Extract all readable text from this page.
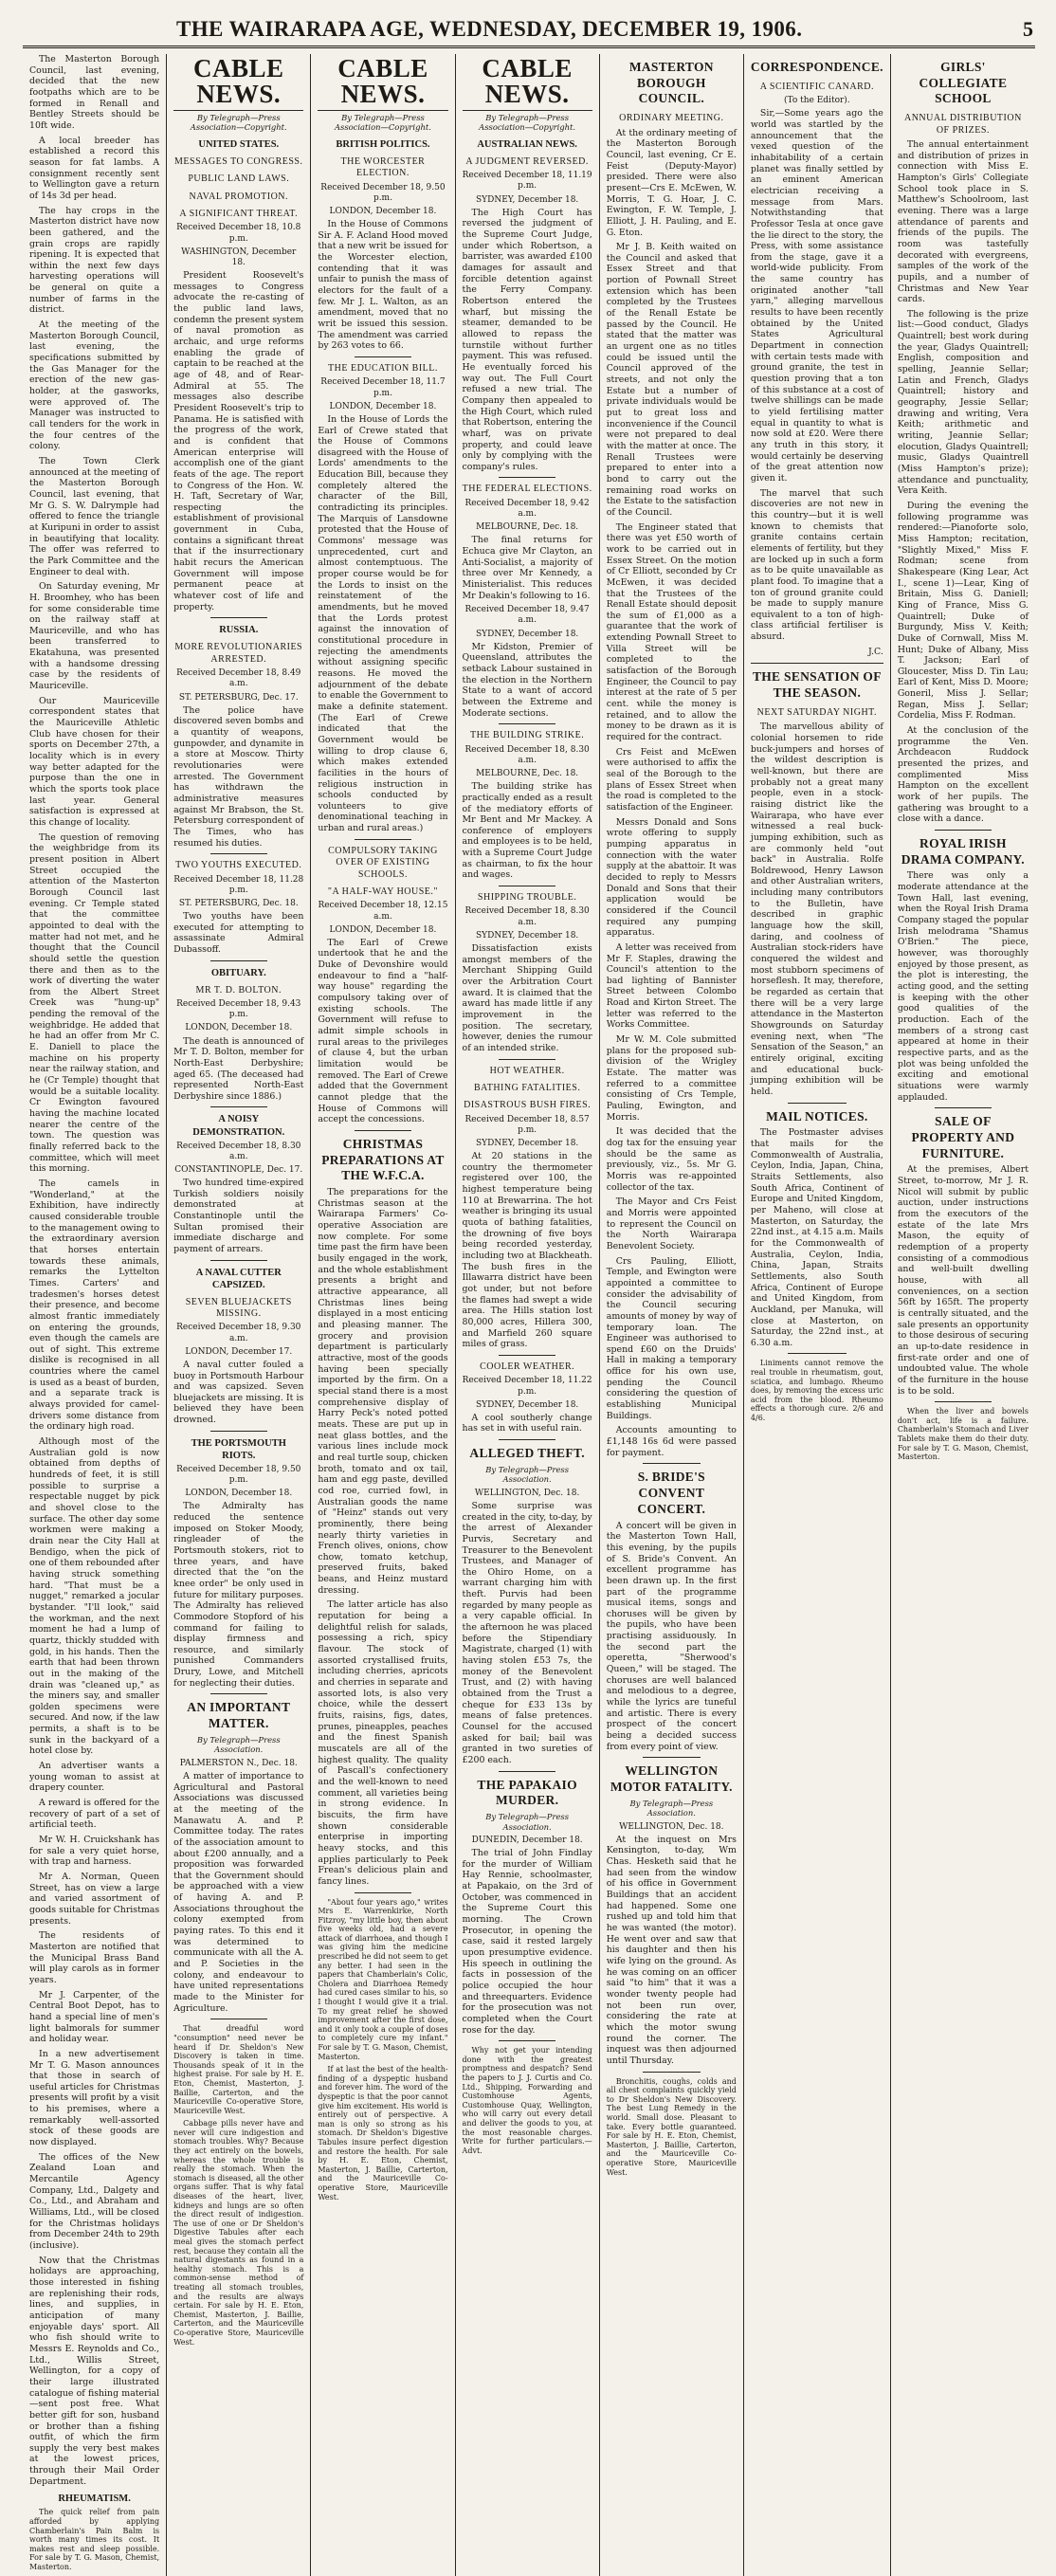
THE WAIRARAPA AGE, WEDNESDAY, DECEMBER 19, 1906.	5

The Masterton Borough Council, last evening, decided that the new footpaths which are to be formed in Renall and Bentley Streets should be 10ft wide.

A local breeder has established a record this season for fat lambs. A consignment recently sent to Wellington gave a return of 14s 3d per head.

The hay crops in the Masterton district have now been gathered, and the grain crops are rapidly ripening. It is expected that within the next few days harvesting operations will be general on quite a number of farms in the district.

At the meeting of the Masterton Borough Council, last evening, the specifications submitted by the Gas Manager for the erection of the new gas-holder, at the gasworks, were approved of. The Manager was instructed to call tenders for the work in the four centres of the colony.

The Town Clerk announced at the meeting of the Masterton Borough Council, last evening, that Mr G. S. W. Dalrymple had offered to fence the triangle at Kuripuni in order to assist in beautifying that locality. The offer was referred to the Park Committee and the Engineer to deal with.

On Saturday evening, Mr H. Broomhey, who has been for some considerable time on the railway staff at Mauriceville, and who has been transferred to Ekatahuna, was presented with a handsome dressing case by the residents of Mauriceville.

Our Mauriceville correspondent states that the Mauriceville Athletic Club have chosen for their sports on December 27th, a locality which is in every way better adapted for the purpose than the one in which the sports took place last year. General satisfaction is expressed at this change of locality.

The question of removing the weighbridge from its present position in Albert Street occupied the attention of the Masterton Borough Council last evening. Cr Temple stated that the committee appointed to deal with the matter had not met, and he thought that the Council should settle the question there and then as to the work of diverting the water from the Albert Street Creek was "hung-up" pending the removal of the weighbridge. He added that he had an offer from Mr C. E. Daniell to place the machine on his property near the railway station, and he (Cr Temple) thought that would be a suitable locality. Cr Ewington favoured having the machine located nearer the centre of the town. The question was finally referred back to the committee, which will meet this morning.

The camels in "Wonderland," at the Exhibition, have indirectly caused considerable trouble to the management owing to the extraordinary aversion that horses entertain towards these animals, remarks the Lyttelton Times. Carters' and tradesmen's horses detest their presence, and become almost frantic immediately on entering the grounds, even though the camels are out of sight. This extreme dislike is recognised in all countries where the camel is used as a beast of burden, and a separate track is always provided for camel-drivers some distance from the ordinary high road.

Although most of the Australian gold is now obtained from depths of hundreds of feet, it is still possible to surprise a respectable nugget by pick and shovel close to the surface. The other day some workmen were making a drain near the City Hall at Bendigo, when the pick of one of them rebounded after having struck something hard. "That must be a nugget," remarked a jocular bystander. "I'll look," said the workman, and the next moment he had a lump of quartz, thickly studded with gold, in his hands. Then the earth that had been thrown out in the making of the drain was "cleaned up," as the miners say, and smaller golden specimens were secured. And now, if the law permits, a shaft is to be sunk in the backyard of a hotel close by.

An advertiser wants a young woman to assist at drapery counter.

A reward is offered for the recovery of part of a set of artificial teeth.

Mr W. H. Cruickshank has for sale a very quiet horse, with trap and harness.

Mr A. Norman, Queen Street, has on view a large and varied assortment of goods suitable for Christmas presents.

The residents of Masterton are notified that the Municipal Brass Band will play carols as in former years.

Mr J. Carpenter, of the Central Boot Depot, has to hand a special line of men's light balmorals for summer and holiday wear.

In a new advertisement Mr T. G. Mason announces that those in search of useful articles for Christmas presents will profit by a visit to his premises, where a remarkably well-assorted stock of these goods are now displayed.

The offices of the New Zealand Loan and Mercantile Agency Company, Ltd., Dalgety and Co., Ltd., and Abraham and Williams, Ltd., will be closed for the Christmas holidays from December 24th to 29th (inclusive).

Now that the Christmas holidays are approaching, those interested in fishing are replenishing their rods, lines, and supplies, in anticipation of many enjoyable days' sport. All who fish should write to Messrs E. Reynolds and Co., Ltd., Willis Street, Wellington, for a copy of their large illustrated catalogue of fishing material—sent post free. What better gift for son, husband or brother than a fishing outfit, of which the firm supply the very best makes at the lowest prices, through their Mail Order Department.

RHEUMATISM.

The quick relief from pain afforded by applying Chamberlain's Pain Balm is worth many times its cost. It makes rest and sleep possible. For sale by T. G. Mason, Chemist, Masterton.

CABLE NEWS.
By Telegraph—Press Association—Copyright.
UNITED STATES.
MESSAGES TO CONGRESS.
PUBLIC LAND LAWS.
NAVAL PROMOTION.
A SIGNIFICANT THREAT.
Received December 18, 10.8 p.m.
WASHINGTON, December 18.

President Roosevelt's messages to Congress advocate the re-casting of the public land laws, condemn the present system of naval promotion as archaic, and urge reforms enabling the grade of captain to be reached at the age of 48, and of Rear-Admiral at 55. The messages also describe President Roosevelt's trip to Panama. He is satisfied with the progress of the work, and is confident that American enterprise will accomplish one of the giant feats of the age. The report to Congress of the Hon. W. H. Taft, Secretary of War, respecting the establishment of provisional government in Cuba, contains a significant threat that if the insurrectionary habit recurs the American Government will impose permanent peace at whatever cost of life and property.

RUSSIA.
MORE REVOLUTIONARIES ARRESTED.
Received December 18, 8.49 a.m.
ST. PETERSBURG, Dec. 17.

The police have discovered seven bombs and a quantity of weapons, gunpowder, and dynamite in a store at Moscow. Thirty revolutionaries were arrested. The Government has withdrawn the administrative measures against Mr Brabson, the St. Petersburg correspondent of The Times, who has resumed his duties.

TWO YOUTHS EXECUTED.
Received December 18, 11.28 p.m.
ST. PETERSBURG, Dec. 18.

Two youths have been executed for attempting to assassinate Admiral Dubassoff.

OBITUARY.
MR T. D. BOLTON.
Received December 18, 9.43 p.m.
LONDON, December 18.

The death is announced of Mr T. D. Bolton, member for North-East Derbyshire; aged 65. (The deceased had represented North-East Derbyshire since 1886.)

A NOISY DEMONSTRATION.
Received December 18, 8.30 a.m.
CONSTANTINOPLE, Dec. 17.

Two hundred time-expired Turkish soldiers noisily demonstrated at Constantinople until the Sultan promised their immediate discharge and payment of arrears.

A NAVAL CUTTER CAPSIZED.
SEVEN BLUEJACKETS MISSING.
Received December 18, 9.30 a.m.
LONDON, December 17.

A naval cutter fouled a buoy in Portsmouth Harbour and was capsized. Seven bluejackets are missing. It is believed they have been drowned.

THE PORTSMOUTH RIOTS.
Received December 18, 9.50 p.m.
LONDON, December 18.

The Admiralty has reduced the sentence imposed on Stoker Moody, ringleader of the Portsmouth stokers, riot to three years, and have directed that the "on the knee order" be only used in future for military purposes. The Admiralty has relieved Commodore Stopford of his command for failing to display firmness and resource, and similarly punished Commanders Drury, Lowe, and Mitchell for neglecting their duties.

AN IMPORTANT MATTER.
By Telegraph—Press Association.
PALMERSTON N., Dec. 18.

A matter of importance to Agricultural and Pastoral Associations was discussed at the meeting of the Manawatu A. and P. Committee today. The rates of the association amount to about £200 annually, and a proposition was forwarded that the Government should be approached with a view of having A. and P. Associations throughout the colony exempted from paying rates. To this end it was determined to communicate with all the A. and P. Societies in the colony, and endeavour to have united representations made to the Minister for Agriculture.

That dreadful word "consumption" need never be heard if Dr. Sheldon's New Discovery is taken in time. Thousands speak of it in the highest praise. For sale by H. E. Eton, Chemist, Masterton, J. Baillie, Carterton, and the Mauriceville Co-operative Store, Mauriceville West.

Cabbage pills never have and never will cure indigestion and stomach troubles. Why? Because they act entirely on the bowels, whereas the whole trouble is really the stomach. When the stomach is diseased, all the other organs suffer. That is why fatal diseases of the heart, liver, kidneys and lungs are so often the direct result of indigestion. The use of one or Dr Sheldon's Digestive Tabules after each meal gives the stomach perfect rest, because they contain all the natural digestants as found in a healthy stomach. This is a common-sense method of treating all stomach troubles, and the results are always certain. For sale by H. E. Eton, Chemist, Masterton, J. Baillie, Carterton, and the Mauriceville Co-operative Store, Mauriceville West.

CABLE NEWS.
By Telegraph—Press Association—Copyright.
BRITISH POLITICS.
THE WORCESTER ELECTION.
Received December 18, 9.50 p.m.
LONDON, December 18.

In the House of Commons Sir A. F. Acland Hood moved that a new writ be issued for the Worcester election, contending that it was unfair to punish the mass of electors for the fault of a few. Mr J. L. Walton, as an amendment, moved that no writ be issued this session. The amendment was carried by 263 votes to 66.

THE EDUCATION BILL.
Received December 18, 11.7 p.m.
LONDON, December 18.

In the House of Lords the Earl of Crewe stated that the House of Commons disagreed with the House of Lords' amendments to the Education Bill, because they completely altered the character of the Bill, contradicting its principles. The Marquis of Lansdowne protested that the House of Commons' message was unprecedented, curt and almost contemptuous. The proper course would be for the Lords to insist on the reinstatement of the amendments, but he moved that the Lords protest against the innovation of constitutional procedure in rejecting the amendments without assigning specific reasons. He moved the adjournment of the debate to enable the Government to make a definite statement. (The Earl of Crewe indicated that the Government would be willing to drop clause 6, which makes extended facilities in the hours of religious instruction in schools conducted by volunteers to give denominational teaching in urban and rural areas.)

COMPULSORY TAKING OVER OF EXISTING SCHOOLS.
"A HALF-WAY HOUSE."
Received December 18, 12.15 a.m.
LONDON, December 18.

The Earl of Crewe undertook that he and the Duke of Devonshire would endeavour to find a "half-way house" regarding the compulsory taking over of existing schools. The Government will refuse to admit simple schools in rural areas to the privileges of clause 4, but the urban limitation would be removed. The Earl of Crewe added that the Government cannot pledge that the House of Commons will accept the concessions.

CHRISTMAS PREPARATIONS AT THE W.F.C.A.

The preparations for the Christmas season at the Wairarapa Farmers' Co-operative Association are now complete. For some time past the firm have been busily engaged in the work, and the whole establishment presents a bright and attractive appearance, all Christmas lines being displayed in a most enticing and pleasing manner. The grocery and provision department is particularly attractive, most of the goods having been specially imported by the firm. On a special stand there is a most comprehensive display of Harry Peck's noted potted meats. These are put up in neat glass bottles, and the various lines include mock and real turtle soup, chicken broth, tomato and ox tail, ham and egg paste, devilled cod roe, curried fowl, in Australian goods the name of "Heinz" stands out very prominently, there being nearly thirty varieties in French olives, onions, chow chow, tomato ketchup, preserved fruits, baked beans, and Heinz mustard dressing.

The latter article has also reputation for being a delightful relish for salads, possessing a rich, spicy flavour. The stock of assorted crystallised fruits, including cherries, apricots and cherries in separate and assorted lots, is also very choice, while the dessert fruits, raisins, figs, dates, prunes, pineapples, peaches and the finest Spanish muscatels are all of the highest quality. The quality of Pascall's confectionery and the well-known to need comment, all varieties being in strong evidence. In biscuits, the firm have shown considerable enterprise in importing heavy stocks, and this applies particularly to Peek Frean's delicious plain and fancy lines.

"About four years ago," writes Mrs E. Warrenkirke, North Fitzroy, "my little boy, then about five weeks old, had a severe attack of diarrhoea, and though I was giving him the medicine prescribed he did not seem to get any better. I had seen in the papers that Chamberlain's Colic, Cholera and Diarrhoea Remedy had cured cases similar to his, so I thought I would give it a trial. To my great relief he showed improvement after the first dose, and it only took a couple of doses to completely cure my infant." For sale by T. G. Mason, Chemist, Masterton.

If at last the best of the health-finding of a dyspeptic husband and forever him. The word of the dyspeptic is that the poor cannot give him excitement. His world is entirely out of perspective. A man is only so strong as his stomach. Dr Sheldon's Digestive Tabules insure perfect digestion and restore the health. For sale by H. E. Eton, Chemist, Masterton, J. Baillie, Carterton, and the Mauriceville Co-operative Store, Mauriceville West.

CABLE NEWS.
By Telegraph—Press Association—Copyright.
AUSTRALIAN NEWS.
A JUDGMENT REVERSED.
Received December 18, 11.19 p.m.
SYDNEY, December 18.

The High Court has reversed the judgment of the Supreme Court Judge, under which Robertson, a barrister, was awarded £100 damages for assault and forcible detention against the Ferry Company. Robertson entered the wharf, but missing the steamer, demanded to be allowed to repass the turnstile without further payment. This was refused. He eventually forced his way out. The Full Court refused a new trial. The Company then appealed to the High Court, which ruled that Robertson, entering the wharf, was on private property, and could leave only by complying with the company's rules.

THE FEDERAL ELECTIONS.
Received December 18, 9.42 a.m.
MELBOURNE, Dec. 18.

The final returns for Echuca give Mr Clayton, an Anti-Socialist, a majority of three over Mr Kennedy, a Ministerialist. This reduces Mr Deakin's following to 16.

Received December 18, 9.47 a.m.
SYDNEY, December 18.

Mr Kidston, Premier of Queensland, attributes the setback Labour sustained in the election in the Northern State to a want of accord between the Extreme and Moderate sections.

THE BUILDING STRIKE.
Received December 18, 8.30 a.m.
MELBOURNE, Dec. 18.

The building strike has practically ended as a result of the mediatory efforts of Mr Bent and Mr Mackey. A conference of employers and employees is to be held, with a Supreme Court Judge as chairman, to fix the hour and wages.

SHIPPING TROUBLE.
Received December 18, 8.30 a.m.
SYDNEY, December 18.

Dissatisfaction exists amongst members of the Merchant Shipping Guild over the Arbitration Court award. It is claimed that the award has made little if any improvement in the position. The secretary, however, denies the rumour of an intended strike.

HOT WEATHER.
BATHING FATALITIES.
DISASTROUS BUSH FIRES.
Received December 18, 8.57 p.m.
SYDNEY, December 18.

At 20 stations in the country the thermometer registered over 100, the highest temperature being 110 at Brewarrina. The hot weather is bringing its usual quota of bathing fatalities, the drowning of five boys being recorded yesterday, including two at Blackheath. The bush fires in the Illawarra district have been got under, but not before the flames had swept a wide area. The Hills station lost 80,000 acres, Hillera 300, and Marfield 260 square miles of grass.

COOLER WEATHER.
Received December 18, 11.22 p.m.
SYDNEY, December 18.

A cool southerly change has set in with useful rain.

ALLEGED THEFT.
By Telegraph—Press Association.
WELLINGTON, Dec. 18.

Some surprise was created in the city, to-day, by the arrest of Alexander Purvis, Secretary and Treasurer to the Benevolent Trustees, and Manager of the Ohiro Home, on a warrant charging him with theft. Purvis had been regarded by many people as a very capable official. In the afternoon he was placed before the Stipendiary Magistrate, charged (1) with having stolen £53 7s, the money of the Benevolent Trust, and (2) with having obtained from the Trust a cheque for £33 13s by means of false pretences. Counsel for the accused asked for bail; bail was granted in two sureties of £200 each.

THE PAPAKAIO MURDER.
By Telegraph—Press Association.
DUNEDIN, December 18.

The trial of John Findlay for the murder of William Hay Rennie, schoolmaster, at Papakaio, on the 3rd of October, was commenced in the Supreme Court this morning. The Crown Prosecutor, in opening the case, said it rested largely upon presumptive evidence. His speech in outlining the facts in possession of the police occupied the hour and threequarters. Evidence for the prosecution was not completed when the Court rose for the day.

Why not get your intending done with the greatest promptness and despatch? Send the papers to J. J. Curtis and Co. Ltd., Shipping, Forwarding and Customhouse Agents, Customhouse Quay, Wellington, who will carry out every detail and deliver the goods to you, at the most reasonable charges. Write for further particulars.—Advt.

MASTERTON BOROUGH COUNCIL.
ORDINARY MEETING.

At the ordinary meeting of the Masterton Borough Council, last evening, Cr E. Feist (Deputy-Mayor) presided. There were also present—Crs E. McEwen, W. Morris, T. G. Hoar, J. C. Ewington, F. W. Temple, J. Elliott, J. H. Pauling, and E. G. Eton.

Mr J. B. Keith waited on the Council and asked that Essex Street and that portion of Pownall Street extension which has been completed by the Trustees of the Renall Estate be passed by the Council. He stated that the matter was an urgent one as no titles could be issued until the Council approved of the streets, and not only the Estate but a number of private individuals would be put to great loss and inconvenience if the Council were not prepared to deal with the matter at once. The Renall Trustees were prepared to enter into a bond to carry out the remaining road works on the Estate to the satisfaction of the Council.

The Engineer stated that there was yet £50 worth of work to be carried out in Essex Street. On the motion of Cr Elliott, seconded by Cr McEwen, it was decided that the Trustees of the Renall Estate should deposit the sum of £1,000 as a guarantee that the work of extending Pownall Street to Villa Street will be completed to the satisfaction of the Borough Engineer, the Council to pay interest at the rate of 5 per cent. while the money is retained, and to allow the money to be drawn as it is required for the contract.

Crs Feist and McEwen were authorised to affix the seal of the Borough to the plans of Essex Street when the road is completed to the satisfaction of the Engineer.

Messrs Donald and Sons wrote offering to supply pumping apparatus in connection with the water supply at the abattoir. It was decided to reply to Messrs Donald and Sons that their application would be considered if the Council required any pumping apparatus.

A letter was received from Mr F. Staples, drawing the Council's attention to the bad lighting of Bannister Street between Colombo Road and Kirton Street. The letter was referred to the Works Committee.

Mr W. M. Cole submitted plans for the proposed sub-division of the Wrigley Estate. The matter was referred to a committee consisting of Crs Temple, Pauling, Ewington, and Morris.

It was decided that the dog tax for the ensuing year should be the same as previously, viz., 5s. Mr G. Morris was re-appointed collector of the tax.

The Mayor and Crs Feist and Morris were appointed to represent the Council on the North Wairarapa Benevolent Society.

Crs Pauling, Elliott, Temple, and Ewington were appointed a committee to consider the advisability of the Council securing amounts of money by way of temporary loan. The Engineer was authorised to spend £60 on the Druids' Hall in making a temporary office for his own use, pending the Council considering the question of establishing Municipal Buildings.

Accounts amounting to £1,148 16s 6d were passed for payment.

S. BRIDE'S CONVENT CONCERT.

A concert will be given in the Masterton Town Hall, this evening, by the pupils of S. Bride's Convent. An excellent programme has been drawn up. In the first part of the programme musical items, songs and choruses will be given by the pupils, who have been practising assiduously. In the second part the operetta, "Sherwood's Queen," will be staged. The choruses are well balanced and melodious to a degree, while the lyrics are tuneful and artistic. There is every prospect of the concert being a decided success from every point of view.

WELLINGTON MOTOR FATALITY.
By Telegraph—Press Association.
WELLINGTON, Dec. 18.

At the inquest on Mrs Kensington, to-day, Wm Chas. Hesketh said that he had seen from the window of his office in Government Buildings that an accident had happened. Some one rushed up and told him that he was wanted (the motor). He went over and saw that his daughter and then his wife lying on the ground. As he was coming on an officer said "to him" that it was a wonder twenty people had not been run over, considering the rate at which the motor swung round the corner. The inquest was then adjourned until Thursday.

Bronchitis, coughs, colds and all chest complaints quickly yield to Dr Sheldon's New Discovery. The best Lung Remedy in the world. Small dose. Pleasant to take. Every bottle guaranteed. For sale by H. E. Eton, Chemist, Masterton, J. Baillie, Carterton, and the Mauriceville Co-operative Store, Mauriceville West.

CORRESPONDENCE.
A SCIENTIFIC CANARD.
(To the Editor).

Sir,—Some years ago the world was startled by the announcement that the vexed question of the inhabitability of a certain planet was finally settled by an eminent American electrician receiving a message from Mars. Notwithstanding that Professor Tesla at once gave the lie direct to the story, the Press, with some assistance from the stage, gave it a world-wide publicity. From the same country has originated another "tall yarn," alleging marvellous results to have been recently obtained by the United States Agricultural Department in connection with certain tests made with ground granite, the test in question proving that a ton of this substance at a cost of twelve shillings can be made to yield fertilising matter equal in quantity to what is now sold at £20. Were there any truth in this story, it would certainly be deserving of the great attention now given it.

The marvel that such discoveries are not new in this country—but it is well known to chemists that granite contains certain elements of fertility, but they are locked up in such a form as to be quite unavailable as plant food. To imagine that a ton of ground granite could be made to supply manure equivalent to a ton of high-class artificial fertiliser is absurd.

J.C.

THE SENSATION OF THE SEASON.
NEXT SATURDAY NIGHT.

The marvellous ability of colonial horsemen to ride buck-jumpers and horses of the wildest description is well-known, but there are probably not a great many people, even in a stock-raising district like the Wairarapa, who have ever witnessed a real buck-jumping exhibition, such as are commonly held "out back" in Australia. Rolfe Boldrewood, Henry Lawson and other Australian writers, including many contributors to the Bulletin, have described in graphic language how the skill, daring, and coolness of Australian stock-riders have conquered the wildest and most stubborn specimens of horseflesh. It may, therefore, be regarded as certain that there will be a very large attendance in the Masterton Showgrounds on Saturday evening next, when "The Sensation of the Season," an entirely original, exciting and educational buck-jumping exhibition will be held.

MAIL NOTICES.

The Postmaster advises that mails for the Commonwealth of Australia, Ceylon, India, Japan, China, Straits Settlements, also South Africa, Continent of Europe and United Kingdom, per Maheno, will close at Masterton, on Saturday, the 22nd inst., at 4.15 a.m. Mails for the Commonwealth of Australia, Ceylon, India, China, Japan, Straits Settlements, also South Africa, Continent of Europe and United Kingdom, from Auckland, per Manuka, will close at Masterton, on Saturday, the 22nd inst., at 6.30 a.m.

Liniments cannot remove the real trouble in rheumatism, gout, sciatica, and lumbago. Rheumo does, by removing the excess uric acid from the blood. Rheumo effects a thorough cure. 2/6 and 4/6.

GIRLS' COLLEGIATE SCHOOL
ANNUAL DISTRIBUTION OF PRIZES.

The annual entertainment and distribution of prizes in connection with Miss E. Hampton's Girls' Collegiate School took place in S. Matthew's Schoolroom, last evening. There was a large attendance of parents and friends of the pupils. The room was tastefully decorated with evergreens, samples of the work of the pupils, and a number of Christmas and New Year cards.

The following is the prize list:—Good conduct, Gladys Quaintrell; best work during the year, Gladys Quaintrell; English, composition and spelling, Jeannie Sellar; Latin and French, Gladys Quaintrell; history and geography, Jessie Sellar; drawing and writing, Vera Keith; arithmetic and writing, Jeannie Sellar; elocution, Gladys Quaintrell; music, Gladys Quaintrell (Miss Hampton's prize); attendance and punctuality, Vera Keith.

During the evening the following programme was rendered:—Pianoforte solo, Miss Hampton; recitation, "Slightly Mixed," Miss F. Rodman; scene from Shakespeare (King Lear, Act I., scene 1)—Lear, King of Britain, Miss G. Daniell; King of France, Miss G. Quaintrell; Duke of Burgundy, Miss V. Keith; Duke of Cornwall, Miss M. Hunt; Duke of Albany, Miss T. Jackson; Earl of Gloucester, Miss D. Tin Lau; Earl of Kent, Miss D. Moore; Goneril, Miss J. Sellar; Regan, Miss J. Sellar; Cordelia, Miss F. Rodman.

At the conclusion of the programme the Ven. Archdeacon Ruddock presented the prizes, and complimented Miss Hampton on the excellent work of her pupils. The gathering was brought to a close with a dance.

ROYAL IRISH DRAMA COMPANY.

There was only a moderate attendance at the Town Hall, last evening, when the Royal Irish Drama Company staged the popular Irish melodrama "Shamus O'Brien." The piece, however, was thoroughly enjoyed by those present, as the plot is interesting, the acting good, and the setting is keeping with the other good qualities of the production. Each of the members of a strong cast appeared at home in their respective parts, and as the plot was being unfolded the exciting and emotional situations were warmly applauded.

SALE OF PROPERTY AND FURNITURE.

At the premises, Albert Street, to-morrow, Mr J. R. Nicol will submit by public auction, under instructions from the executors of the estate of the late Mrs Mason, the equity of redemption of a property consisting of a commodious and well-built dwelling house, with all conveniences, on a section 56ft by 165ft. The property is centrally situated, and the sale presents an opportunity to those desirous of securing an up-to-date residence in first-rate order and one of undoubted value. The whole of the furniture in the house is to be sold.

When the liver and bowels don't act, life is a failure. Chamberlain's Stomach and Liver Tablets make them do their duty. For sale by T. G. Mason, Chemist, Masterton.
